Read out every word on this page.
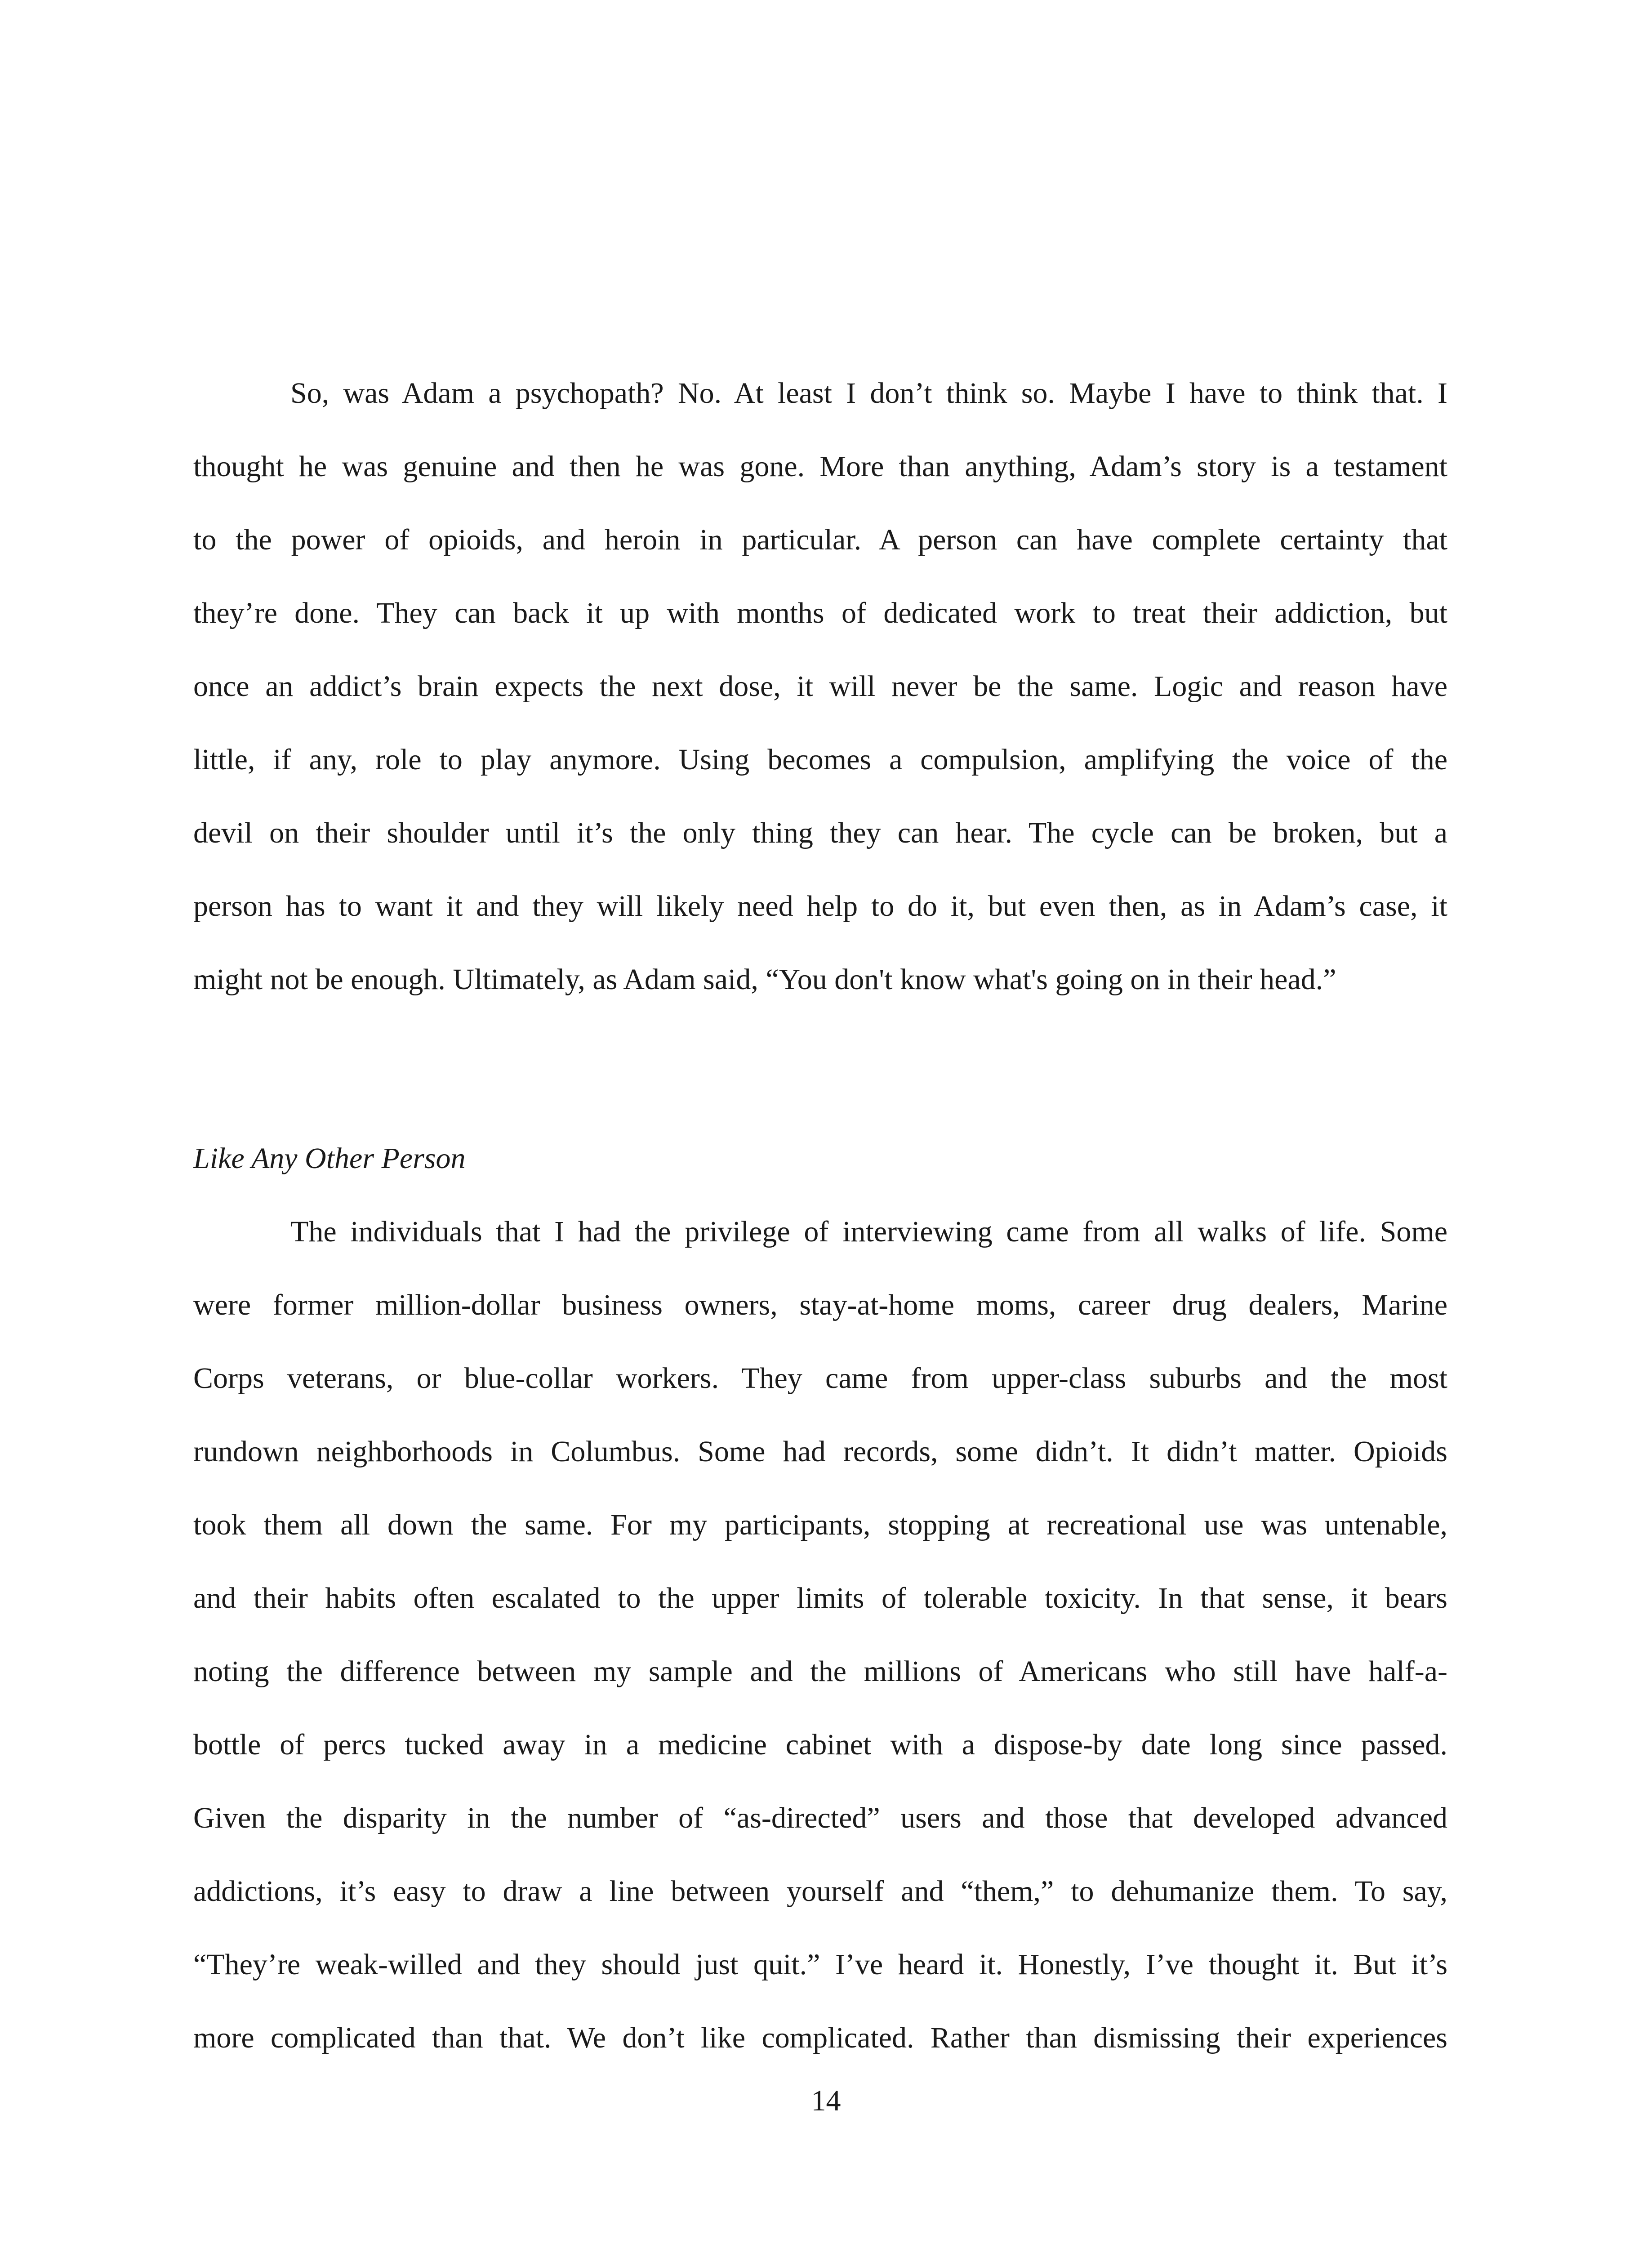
So, was Adam a psychopath? No. At least I don’t think so. Maybe I have to think that. I
thought he was genuine and then he was gone. More than anything, Adam’s story is a testament
to the power of opioids, and heroin in particular. A person can have complete certainty that
they’re done. They can back it up with months of dedicated work to treat their addiction, but
once an addict’s brain expects the next dose, it will never be the same. Logic and reason have
little, if any, role to play anymore. Using becomes a compulsion, amplifying the voice of the
devil on their shoulder until it’s the only thing they can hear. The cycle can be broken, but a
person has to want it and they will likely need help to do it, but even then, as in Adam’s case, it
might not be enough. Ultimately, as Adam said, “You don't know what's going on in their head.”
Like Any Other Person
The individuals that I had the privilege of interviewing came from all walks of life. Some
were former million-dollar business owners, stay-at-home moms, career drug dealers, Marine
Corps veterans, or blue-collar workers. They came from upper-class suburbs and the most
rundown neighborhoods in Columbus. Some had records, some didn’t. It didn’t matter. Opioids
took them all down the same. For my participants, stopping at recreational use was untenable,
and their habits often escalated to the upper limits of tolerable toxicity. In that sense, it bears
noting the difference between my sample and the millions of Americans who still have half-a-
bottle of percs tucked away in a medicine cabinet with a dispose-by date long since passed.
Given the disparity in the number of “as-directed” users and those that developed advanced
addictions, it’s easy to draw a line between yourself and “them,” to dehumanize them. To say,
“They’re weak-willed and they should just quit.” I’ve heard it. Honestly, I’ve thought it. But it’s
more complicated than that. We don’t like complicated. Rather than dismissing their experiences
14
